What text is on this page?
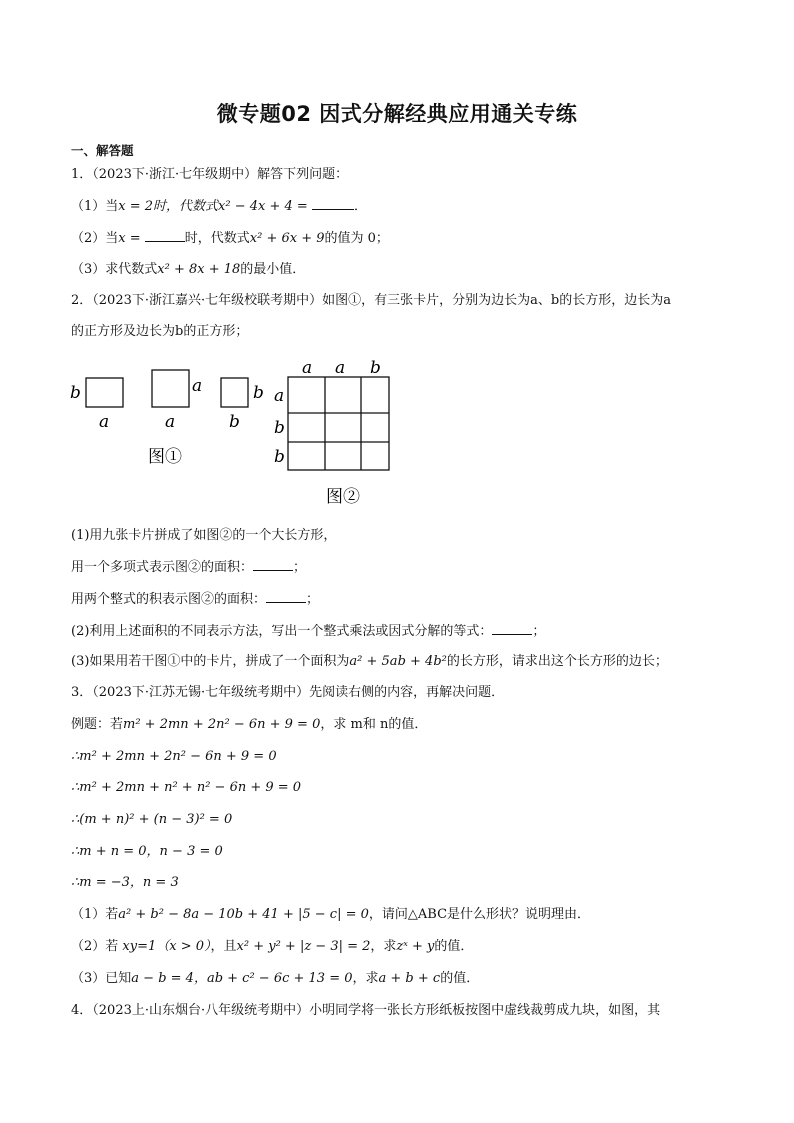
微专题02 因式分解经典应用通关专练
一、解答题
1．（2023下·浙江·七年级期中）解答下列问题：
（1）当x = 2时，代数式x² − 4x + 4 =	．
（2）当x =	时，代数式x² + 6x + 9的值为 0；
（3）求代数式x² + 8x + 18的最小值．
2．（2023下·浙江嘉兴·七年级校联考期中）如图①，有三张卡片，分别为边长为a、b的长方形，边长为a
的正方形及边长为b的正方形；
b
a
a
a
b
b
图①
a a b
a
b
b
图②
(1)用九张卡片拼成了如图②的一个大长方形，
用一个多项式表示图②的面积：	；
用两个整式的积表示图②的面积：	；
(2)利用上述面积的不同表示方法，写出一个整式乘法或因式分解的等式：	；
(3)如果用若干图①中的卡片，拼成了一个面积为a² + 5ab + 4b²的长方形，请求出这个长方形的边长；
3．（2023下·江苏无锡·七年级统考期中）先阅读右侧的内容，再解决问题．
例题：若m² + 2mn + 2n² − 6n + 9 = 0，求 m和 n的值．
∴m² + 2mn + 2n² − 6n + 9 = 0
∴m² + 2mn + n² + n² − 6n + 9 = 0
∴(m + n)² + (n − 3)² = 0
∴m + n = 0，n − 3 = 0
∴m = −3，n = 3
（1）若a² + b² − 8a − 10b + 41 + |5 − c| = 0，请问△ABC是什么形状？说明理由．
（2）若 xy=1（x > 0），且x² + y² + |z − 3| = 2，求zˣ + y的值．
（3）已知a − b = 4，ab + c² − 6c + 13 = 0，求a + b + c的值．
4．（2023上·山东烟台·八年级统考期中）小明同学将一张长方形纸板按图中虚线裁剪成九块，如图，其
